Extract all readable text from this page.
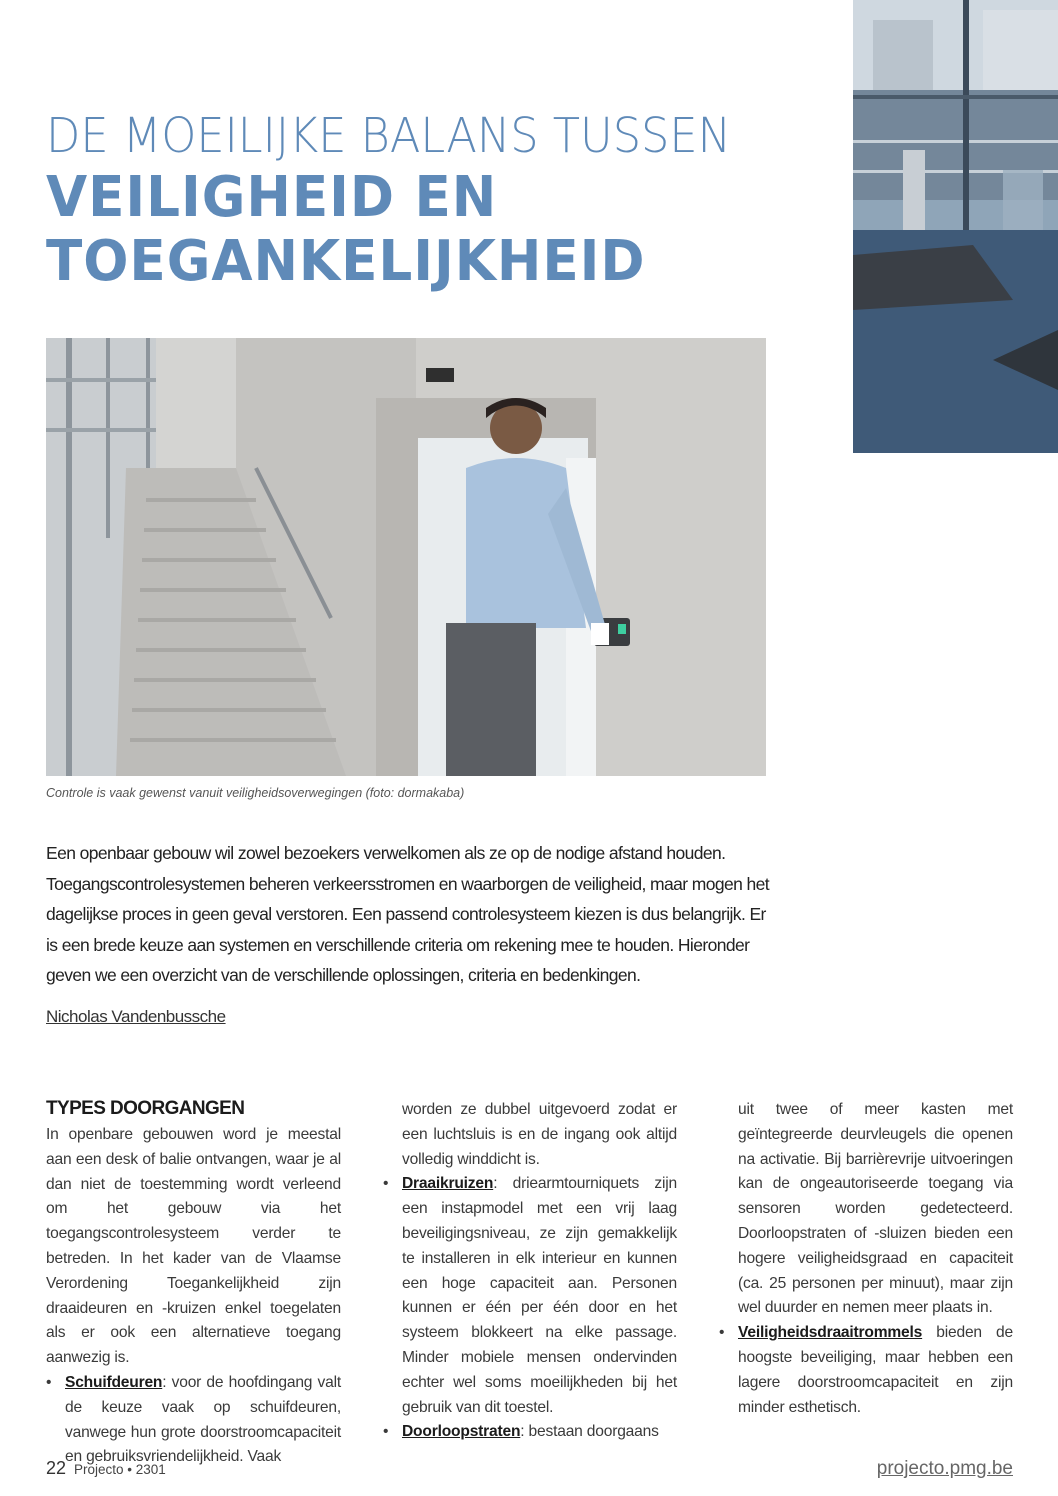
DE MOEILIJKE BALANS TUSSEN
VEILIGHEID EN
TOEGANKELIJKHEID
Controle is vaak gewenst vanuit veiligheidsoverwegingen (foto: dormakaba)
Een openbaar gebouw wil zowel bezoekers verwelkomen als ze op de nodige afstand houden. Toegangscontrolesystemen beheren verkeersstromen en waarborgen de veiligheid, maar mogen het dagelijkse proces in geen geval verstoren. Een passend controlesysteem kiezen is dus belangrijk. Er is een brede keuze aan systemen en verschillende criteria om rekening mee te houden. Hieronder geven we een overzicht van de verschillende oplossingen, criteria en bedenkingen.
Nicholas Vandenbussche
TYPES DOORGANGEN

In openbare gebouwen word je meestal aan een desk of balie ontvangen, waar je al dan niet de toestemming wordt verleend om het gebouw via het toegangscontrolesysteem verder te betreden. In het kader van de Vlaamse Verordening Toegankelijkheid zijn draaideuren en -kruizen enkel toegelaten als er ook een alternatieve toegang aanwezig is.

• Schuifdeuren: voor de hoofdingang valt de keuze vaak op schuifdeuren, vanwege hun grote doorstroomcapaciteit en gebruiksvriendelijkheid. Vaak
worden ze dubbel uitgevoerd zodat er een luchtsluis is en de ingang ook altijd volledig winddicht is.
• Draaikruizen: driearmtourniquets zijn een instapmodel met een vrij laag beveiligingsniveau, ze zijn gemakkelijk te installeren in elk interieur en kunnen een hoge capaciteit aan. Personen kunnen er één per één door en het systeem blokkeert na elke passage. Minder mobiele mensen ondervinden echter wel soms moeilijkheden bij het gebruik van dit toestel.
• Doorloopstraten: bestaan doorgaans
uit twee of meer kasten met geïntegreerde deurvleugels die openen na activatie. Bij barrièrevrije uitvoeringen kan de ongeautoriseerde toegang via sensoren worden gedetecteerd. Doorloopstraten of -sluizen bieden een hogere veiligheidsgraad en capaciteit (ca. 25 personen per minuut), maar zijn wel duurder en nemen meer plaats in.
• Veiligheidsdraaitrommels bieden de hoogste beveiliging, maar hebben een lagere doorstroomcapaciteit en zijn minder esthetisch.
22 Projecto • 2301	projecto.pmg.be
